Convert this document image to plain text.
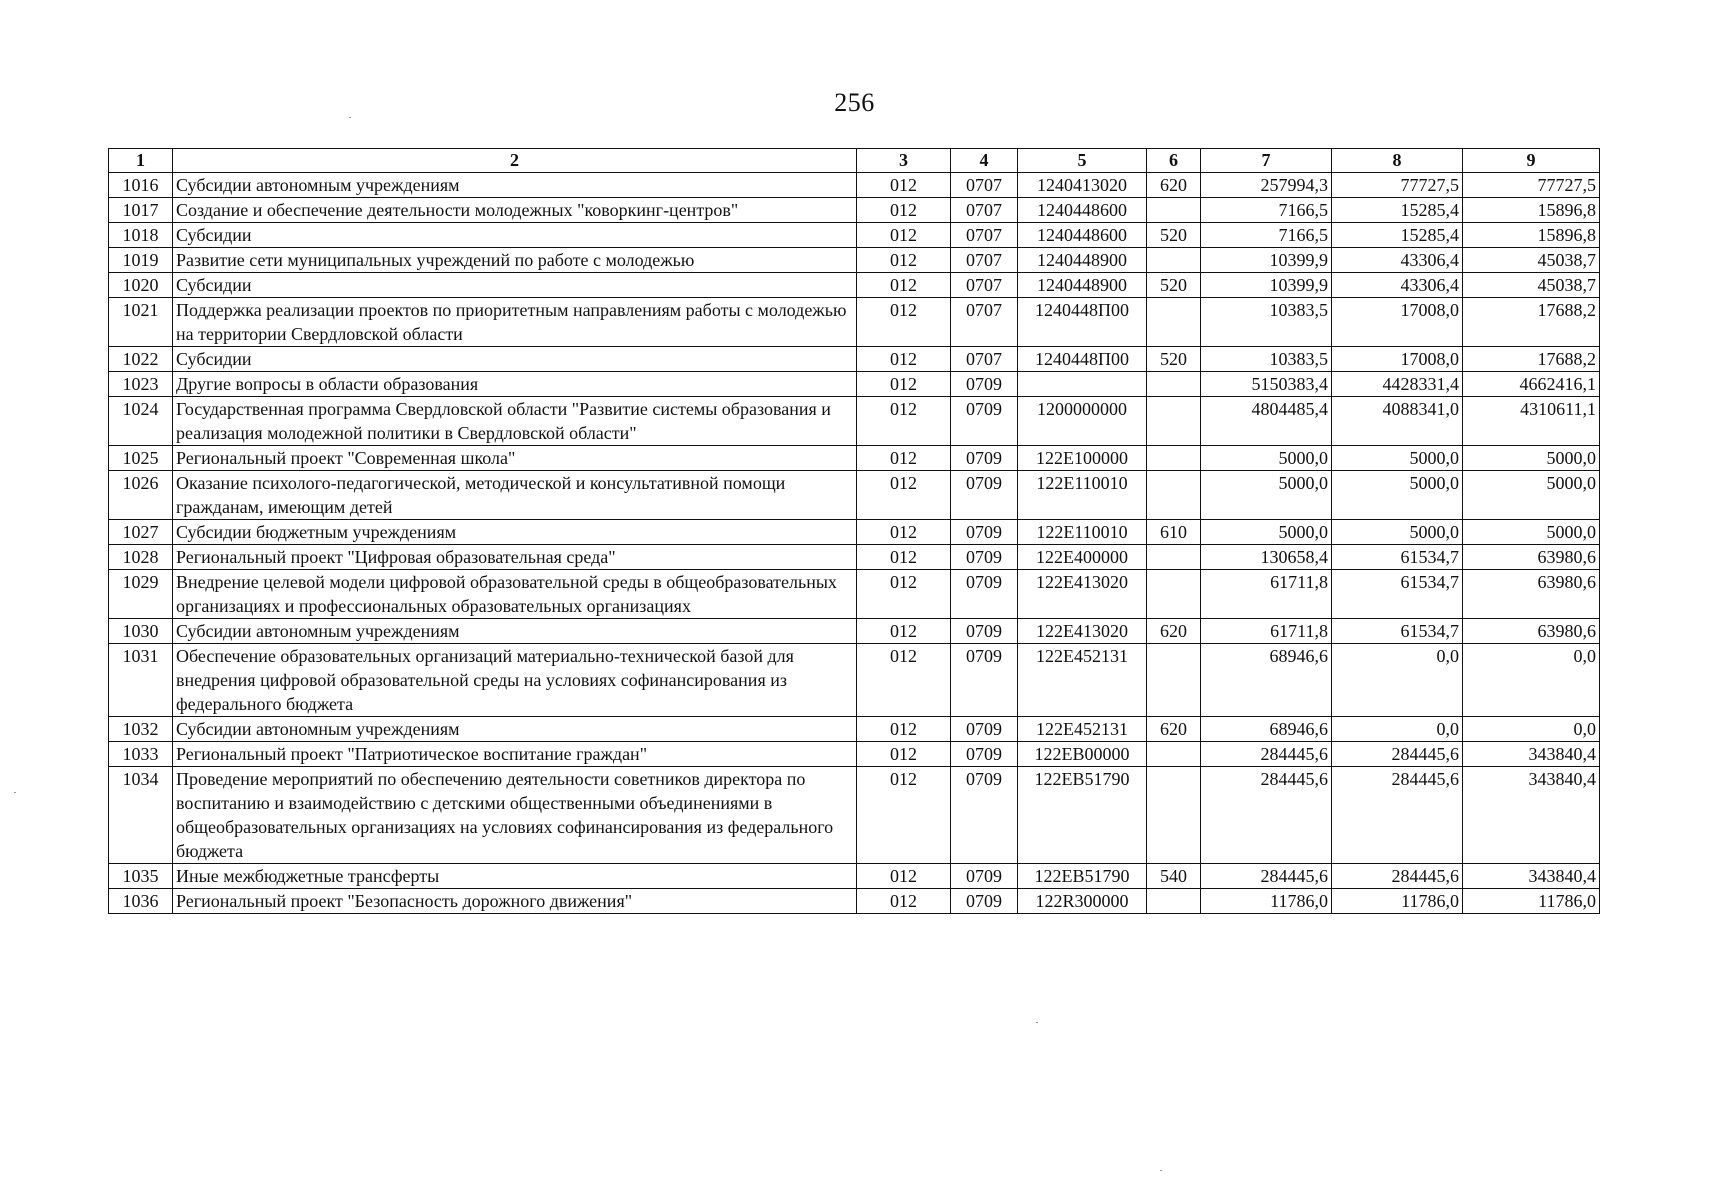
256
1	2	3	4	5	6	7	8	9
1016	Субсидии автономным учреждениям	012	0707	1240413020	620	257994,3	77727,5	77727,5
1017	Создание и обеспечение деятельности молодежных "коворкинг-центров"	012	0707	1240448600		7166,5	15285,4	15896,8
1018	Субсидии	012	0707	1240448600	520	7166,5	15285,4	15896,8
1019	Развитие сети муниципальных учреждений по работе с молодежью	012	0707	1240448900		10399,9	43306,4	45038,7
1020	Субсидии	012	0707	1240448900	520	10399,9	43306,4	45038,7
1021	Поддержка реализации проектов по приоритетным направлениям работы с молодежью на территории Свердловской области	012	0707	1240448П00		10383,5	17008,0	17688,2
1022	Субсидии	012	0707	1240448П00	520	10383,5	17008,0	17688,2
1023	Другие вопросы в области образования	012	0709			5150383,4	4428331,4	4662416,1
1024	Государственная программа Свердловской области "Развитие системы образования и реализация молодежной политики в Свердловской области"	012	0709	1200000000		4804485,4	4088341,0	4310611,1
1025	Региональный проект "Современная школа"	012	0709	122E100000		5000,0	5000,0	5000,0
1026	Оказание психолого-педагогической, методической и консультативной помощи гражданам, имеющим детей	012	0709	122E110010		5000,0	5000,0	5000,0
1027	Субсидии бюджетным учреждениям	012	0709	122E110010	610	5000,0	5000,0	5000,0
1028	Региональный проект "Цифровая образовательная среда"	012	0709	122E400000		130658,4	61534,7	63980,6
1029	Внедрение целевой модели цифровой образовательной среды в общеобразовательных организациях и профессиональных образовательных организациях	012	0709	122E413020		61711,8	61534,7	63980,6
1030	Субсидии автономным учреждениям	012	0709	122E413020	620	61711,8	61534,7	63980,6
1031	Обеспечение образовательных организаций материально-технической базой для внедрения цифровой образовательной среды на условиях софинансирования из федерального бюджета	012	0709	122E452131		68946,6	0,0	0,0
1032	Субсидии автономным учреждениям	012	0709	122E452131	620	68946,6	0,0	0,0
1033	Региональный проект "Патриотическое воспитание граждан"	012	0709	122EB00000		284445,6	284445,6	343840,4
1034	Проведение мероприятий по обеспечению деятельности советников директора по воспитанию и взаимодействию с детскими общественными объединениями в общеобразовательных организациях на условиях софинансирования из федерального бюджета	012	0709	122EB51790		284445,6	284445,6	343840,4
1035	Иные межбюджетные трансферты	012	0709	122EB51790	540	284445,6	284445,6	343840,4
1036	Региональный проект "Безопасность дорожного движения"	012	0709	122R300000		11786,0	11786,0	11786,0
